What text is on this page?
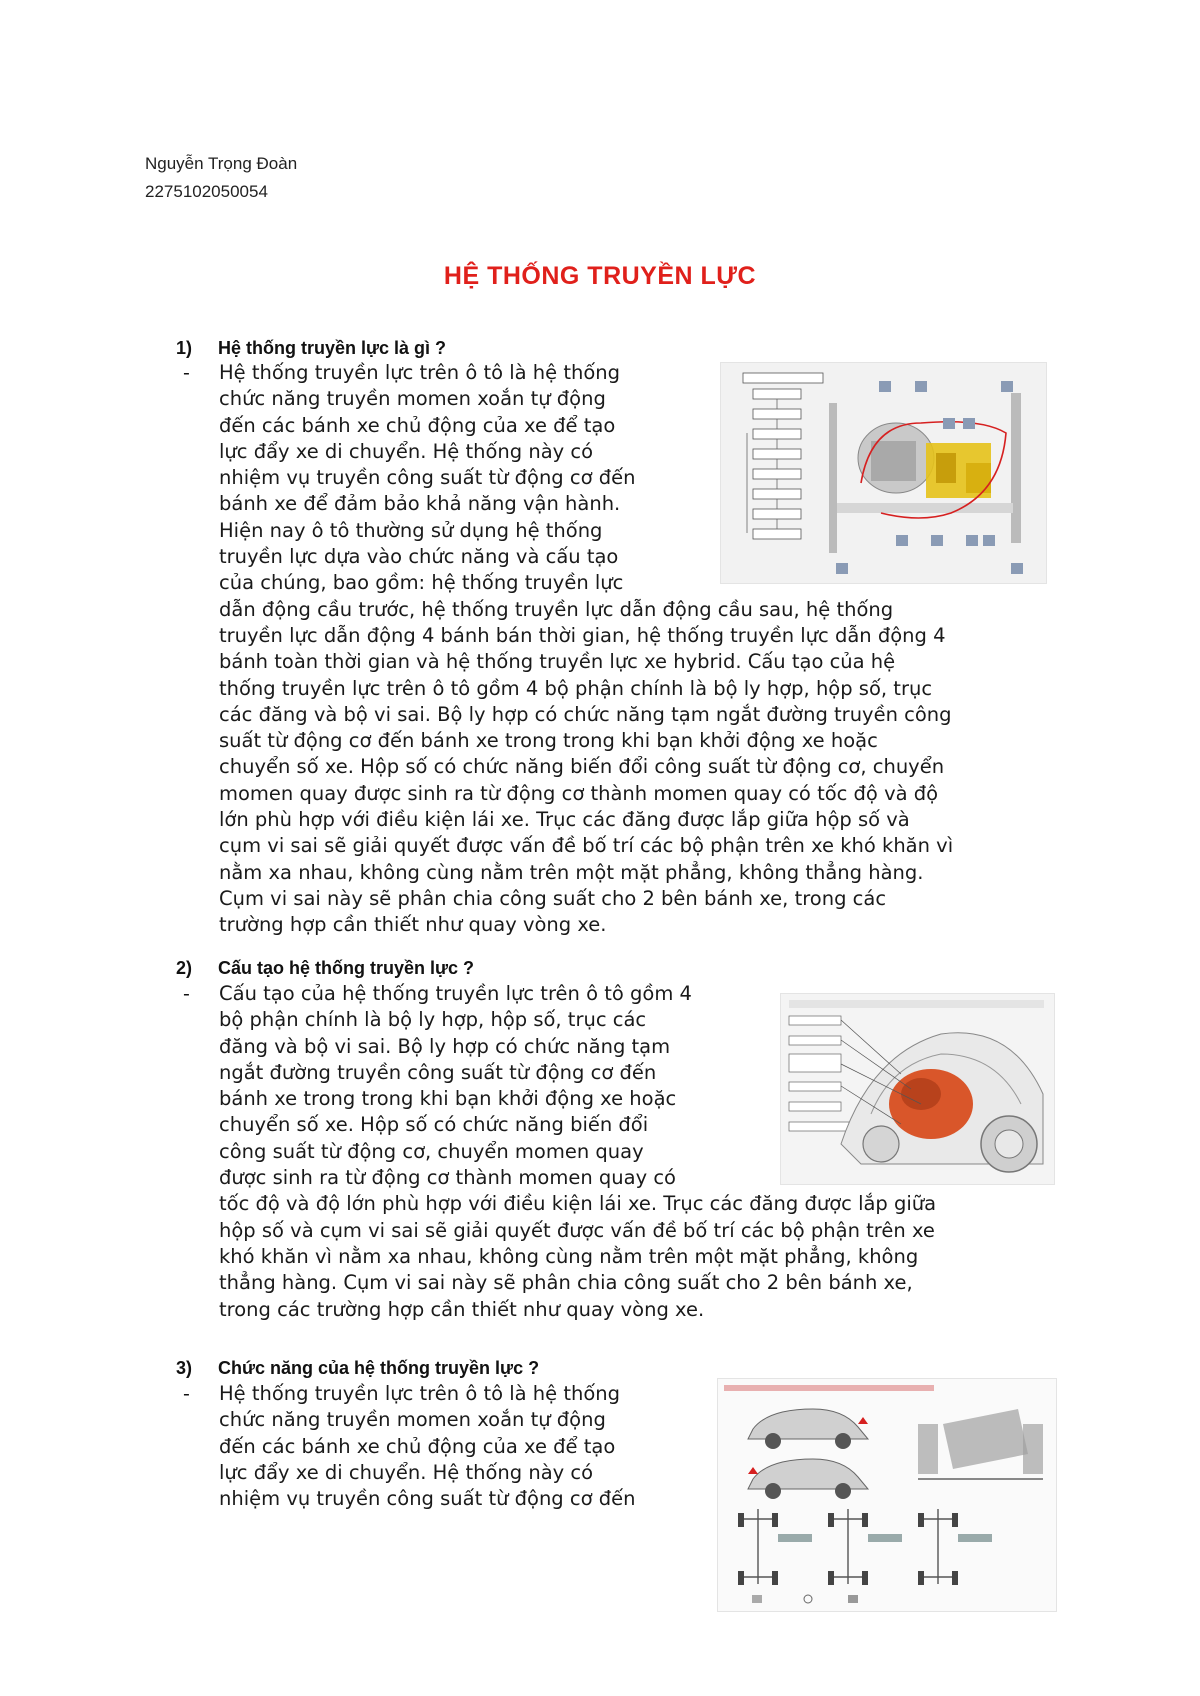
Nguyễn Trọng Đoàn
2275102050054
HỆ THỐNG TRUYỀN LỰC
1) Hệ thống truyền lực là gì ?
- Hệ thống truyền lực trên ô tô là hệ thống
chức năng truyền momen xoắn tự động
đến các bánh xe chủ động của xe để tạo
lực đẩy xe di chuyển. Hệ thống này có
nhiệm vụ truyền công suất từ động cơ đến
bánh xe để đảm bảo khả năng vận hành.
Hiện nay ô tô thường sử dụng hệ thống
truyền lực dựa vào chức năng và cấu tạo
của chúng, bao gồm: hệ thống truyền lực
dẫn động cầu trước, hệ thống truyền lực dẫn động cầu sau, hệ thống
truyền lực dẫn động 4 bánh bán thời gian, hệ thống truyền lực dẫn động 4
bánh toàn thời gian và hệ thống truyền lực xe hybrid. Cấu tạo của hệ
thống truyền lực trên ô tô gồm 4 bộ phận chính là bộ ly hợp, hộp số, trục
các đăng và bộ vi sai. Bộ ly hợp có chức năng tạm ngắt đường truyền công
suất từ động cơ đến bánh xe trong trong khi bạn khởi động xe hoặc
chuyển số xe. Hộp số có chức năng biến đổi công suất từ động cơ, chuyển
momen quay được sinh ra từ động cơ thành momen quay có tốc độ và độ
lớn phù hợp với điều kiện lái xe. Trục các đăng được lắp giữa hộp số và
cụm vi sai sẽ giải quyết được vấn đề bố trí các bộ phận trên xe khó khăn vì
nằm xa nhau, không cùng nằm trên một mặt phẳng, không thẳng hàng.
Cụm vi sai này sẽ phân chia công suất cho 2 bên bánh xe, trong các
trường hợp cần thiết như quay vòng xe.
2) Cấu tạo hệ thống truyền lực ?
- Cấu tạo của hệ thống truyền lực trên ô tô gồm 4
bộ phận chính là bộ ly hợp, hộp số, trục các
đăng và bộ vi sai. Bộ ly hợp có chức năng tạm
ngắt đường truyền công suất từ động cơ đến
bánh xe trong trong khi bạn khởi động xe hoặc
chuyển số xe. Hộp số có chức năng biến đổi
công suất từ động cơ, chuyển momen quay
được sinh ra từ động cơ thành momen quay có
tốc độ và độ lớn phù hợp với điều kiện lái xe. Trục các đăng được lắp giữa
hộp số và cụm vi sai sẽ giải quyết được vấn đề bố trí các bộ phận trên xe
khó khăn vì nằm xa nhau, không cùng nằm trên một mặt phẳng, không
thẳng hàng. Cụm vi sai này sẽ phân chia công suất cho 2 bên bánh xe,
trong các trường hợp cần thiết như quay vòng xe.
3) Chức năng của hệ thống truyền lực ?
- Hệ thống truyền lực trên ô tô là hệ thống
chức năng truyền momen xoắn tự động
đến các bánh xe chủ động của xe để tạo
lực đẩy xe di chuyển. Hệ thống này có
nhiệm vụ truyền công suất từ động cơ đến
